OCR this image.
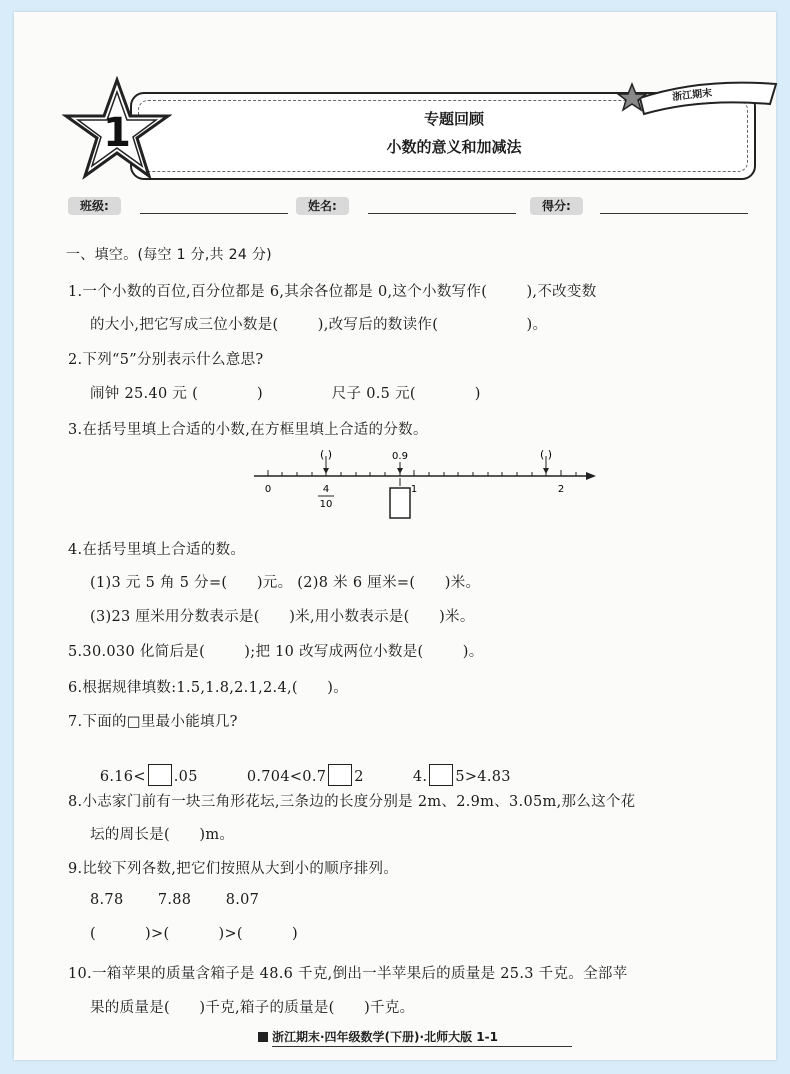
1
浙江期末
专题回顾
小数的意义和加减法
班级:	姓名:	得分:
一、填空。(每空 1 分,共 24 分)
1.一个小数的百位,百分位都是 6,其余各位都是 0,这个小数写作(        ),不改变数
的大小,把它写成三位小数是(        ),改写后的数读作(                  )。
2.下列“5”分别表示什么意思?
闹钟 25.40 元 (            )              尺子 0.5 元(            )
3.在括号里填上合适的小数,在方框里填上合适的分数。
0	1	2
4
10
0.9
( )	( )
4.在括号里填上合适的数。
(1)3 元 5 角 5 分=(      )元。 (2)8 米 6 厘米=(      )米。
(3)23 厘米用分数表示是(      )米,用小数表示是(      )米。
5.30.030 化简后是(        );把 10 改写成两位小数是(        )。
6.根据规律填数:1.5,1.8,2.1,2.4,(      )。
7.下面的□里最小能填几?

6.16< .05	0.704<0.7 2	4. 5>4.83

8.小志家门前有一块三角形花坛,三条边的长度分别是 2m、2.9m、3.05m,那么这个花
坛的周长是(      )m。
9.比较下列各数,把它们按照从大到小的顺序排列。
8.78       7.88       8.07
(          )>(          )>(          )
10.一箱苹果的质量含箱子是 48.6 千克,倒出一半苹果后的质量是 25.3 千克。全部苹
果的质量是(      )千克,箱子的质量是(      )千克。
浙江期末·四年级数学(下册)·北师大版 1-1
